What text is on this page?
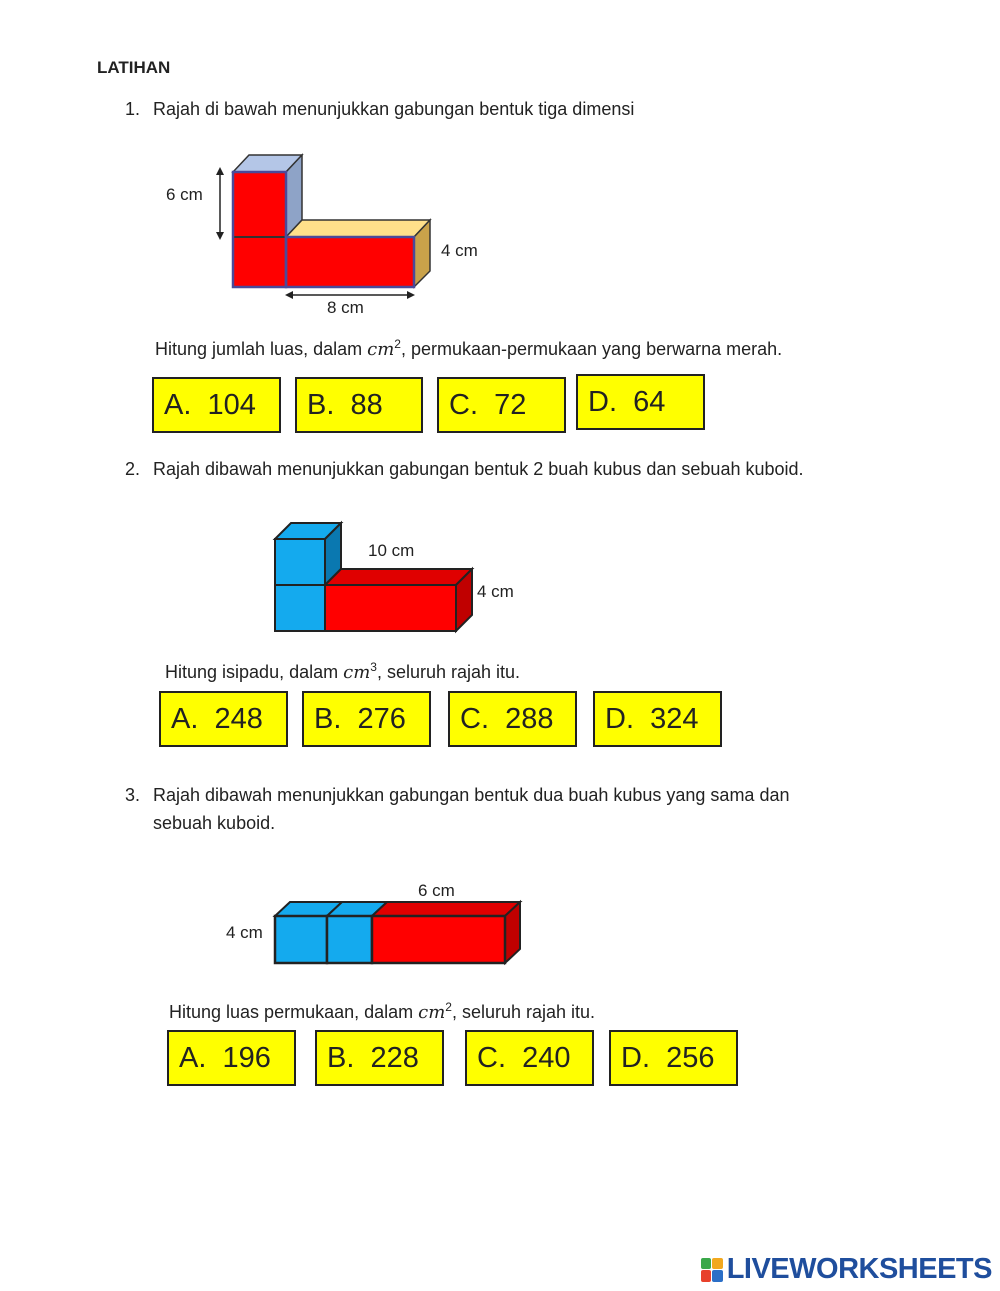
LATIHAN
1. Rajah di bawah menunjukkan gabungan bentuk tiga dimensi
6 cm
4 cm
8 cm
Hitung jumlah luas, dalam $cm^2$, permukaan-permukaan yang berwarna merah.
A.  104 B.  88 C.  72 D.  64
2. Rajah dibawah menunjukkan gabungan bentuk 2 buah kubus dan sebuah kuboid.
10 cm
4 cm
Hitung isipadu, dalam $cm^3$, seluruh rajah itu.
A.  248 B.  276 C.  288 D.  324
3. Rajah dibawah menunjukkan gabungan bentuk dua buah kubus yang sama dan
sebuah kuboid.
6 cm
4 cm
Hitung luas permukaan, dalam $cm^2$, seluruh rajah itu.
A.  196 B.  228 C.  240 D.  256
LIVEWORKSHEETS
